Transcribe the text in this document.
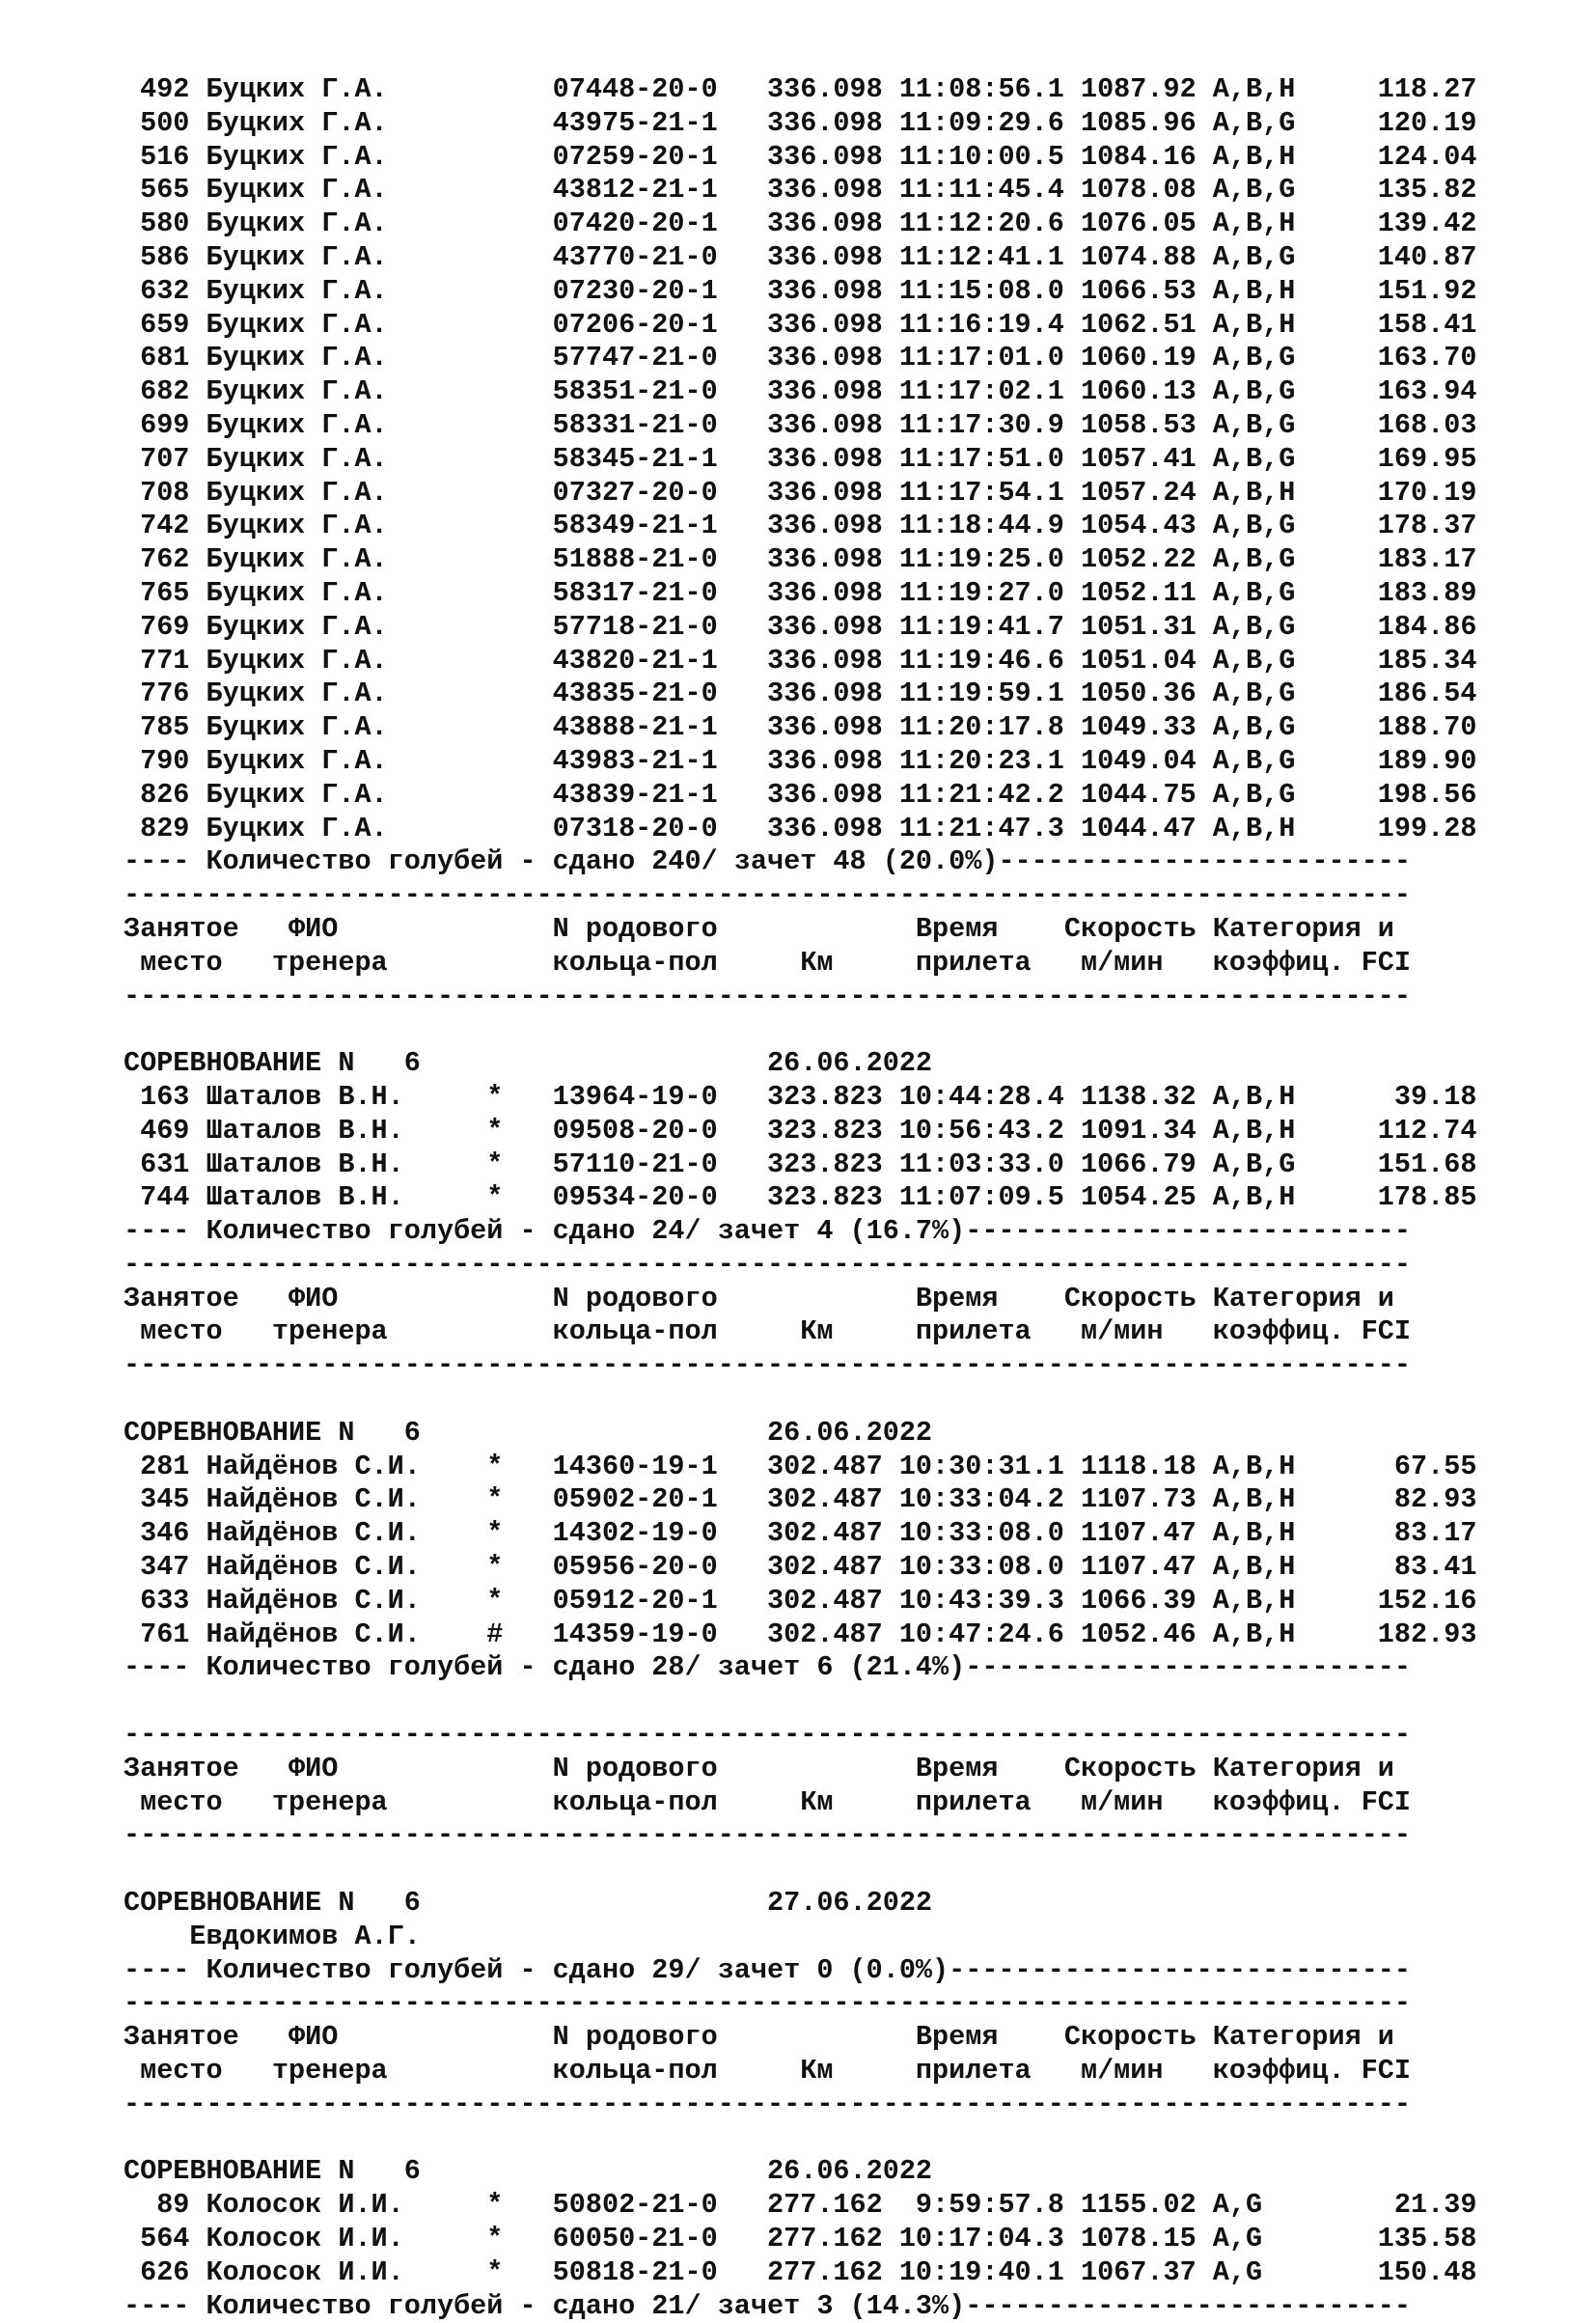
492 Буцких Г.А.          07448-20-0   336.098 11:08:56.1 1087.92 A,B,H     118.27
500 Буцких Г.А.          43975-21-1   336.098 11:09:29.6 1085.96 A,B,G     120.19
516 Буцких Г.А.          07259-20-1   336.098 11:10:00.5 1084.16 A,B,H     124.04
565 Буцких Г.А.          43812-21-1   336.098 11:11:45.4 1078.08 A,B,G     135.82
580 Буцких Г.А.          07420-20-1   336.098 11:12:20.6 1076.05 A,B,H     139.42
586 Буцких Г.А.          43770-21-0   336.098 11:12:41.1 1074.88 A,B,G     140.87
632 Буцких Г.А.          07230-20-1   336.098 11:15:08.0 1066.53 A,B,H     151.92
659 Буцких Г.А.          07206-20-1   336.098 11:16:19.4 1062.51 A,B,H     158.41
681 Буцких Г.А.          57747-21-0   336.098 11:17:01.0 1060.19 A,B,G     163.70
682 Буцких Г.А.          58351-21-0   336.098 11:17:02.1 1060.13 A,B,G     163.94
699 Буцких Г.А.          58331-21-0   336.098 11:17:30.9 1058.53 A,B,G     168.03
707 Буцких Г.А.          58345-21-1   336.098 11:17:51.0 1057.41 A,B,G     169.95
708 Буцких Г.А.          07327-20-0   336.098 11:17:54.1 1057.24 A,B,H     170.19
742 Буцких Г.А.          58349-21-1   336.098 11:18:44.9 1054.43 A,B,G     178.37
762 Буцких Г.А.          51888-21-0   336.098 11:19:25.0 1052.22 A,B,G     183.17
765 Буцких Г.А.          58317-21-0   336.098 11:19:27.0 1052.11 A,B,G     183.89
769 Буцких Г.А.          57718-21-0   336.098 11:19:41.7 1051.31 A,B,G     184.86
771 Буцких Г.А.          43820-21-1   336.098 11:19:46.6 1051.04 A,B,G     185.34
776 Буцких Г.А.          43835-21-0   336.098 11:19:59.1 1050.36 A,B,G     186.54
785 Буцких Г.А.          43888-21-1   336.098 11:20:17.8 1049.33 A,B,G     188.70
790 Буцких Г.А.          43983-21-1   336.098 11:20:23.1 1049.04 A,B,G     189.90
826 Буцких Г.А.          43839-21-1   336.098 11:21:42.2 1044.75 A,B,G     198.56
829 Буцких Г.А.          07318-20-0   336.098 11:21:47.3 1044.47 A,B,H     199.28
---- Количество голубей - сдано 240/ зачет 48 (20.0%)-------------------------
------------------------------------------------------------------------------
Занятое   ФИО             N родового            Время    Скорость Категория и
место   тренера          кольца-пол     Км     прилета   м/мин   коэффиц. FCI
------------------------------------------------------------------------------
СОРЕВНОВАНИЕ N   6                     26.06.2022
163 Шаталов В.Н.     *   13964-19-0   323.823 10:44:28.4 1138.32 A,B,H      39.18
469 Шаталов В.Н.     *   09508-20-0   323.823 10:56:43.2 1091.34 A,B,H     112.74
631 Шаталов В.Н.     *   57110-21-0   323.823 11:03:33.0 1066.79 A,B,G     151.68
744 Шаталов В.Н.     *   09534-20-0   323.823 11:07:09.5 1054.25 A,B,H     178.85
---- Количество голубей - сдано 24/ зачет 4 (16.7%)---------------------------
------------------------------------------------------------------------------
Занятое   ФИО             N родового            Время    Скорость Категория и
место   тренера          кольца-пол     Км     прилета   м/мин   коэффиц. FCI
------------------------------------------------------------------------------
СОРЕВНОВАНИЕ N   6                     26.06.2022
281 Найдёнов С.И.    *   14360-19-1   302.487 10:30:31.1 1118.18 A,B,H      67.55
345 Найдёнов С.И.    *   05902-20-1   302.487 10:33:04.2 1107.73 A,B,H      82.93
346 Найдёнов С.И.    *   14302-19-0   302.487 10:33:08.0 1107.47 A,B,H      83.17
347 Найдёнов С.И.    *   05956-20-0   302.487 10:33:08.0 1107.47 A,B,H      83.41
633 Найдёнов С.И.    *   05912-20-1   302.487 10:43:39.3 1066.39 A,B,H     152.16
761 Найдёнов С.И.    #   14359-19-0   302.487 10:47:24.6 1052.46 A,B,H     182.93
---- Количество голубей - сдано 28/ зачет 6 (21.4%)---------------------------
------------------------------------------------------------------------------
Занятое   ФИО             N родового            Время    Скорость Категория и
место   тренера          кольца-пол     Км     прилета   м/мин   коэффиц. FCI
------------------------------------------------------------------------------
СОРЕВНОВАНИЕ N   6                     27.06.2022
Евдокимов А.Г.
---- Количество голубей - сдано 29/ зачет 0 (0.0%)----------------------------
------------------------------------------------------------------------------
Занятое   ФИО             N родового            Время    Скорость Категория и
место   тренера          кольца-пол     Км     прилета   м/мин   коэффиц. FCI
------------------------------------------------------------------------------
СОРЕВНОВАНИЕ N   6                     26.06.2022
89 Колосок И.И.     *   50802-21-0   277.162  9:59:57.8 1155.02 A,G        21.39
564 Колосок И.И.     *   60050-21-0   277.162 10:17:04.3 1078.15 A,G       135.58
626 Колосок И.И.     *   50818-21-0   277.162 10:19:40.1 1067.37 A,G       150.48
---- Количество голубей - сдано 21/ зачет 3 (14.3%)---------------------------
